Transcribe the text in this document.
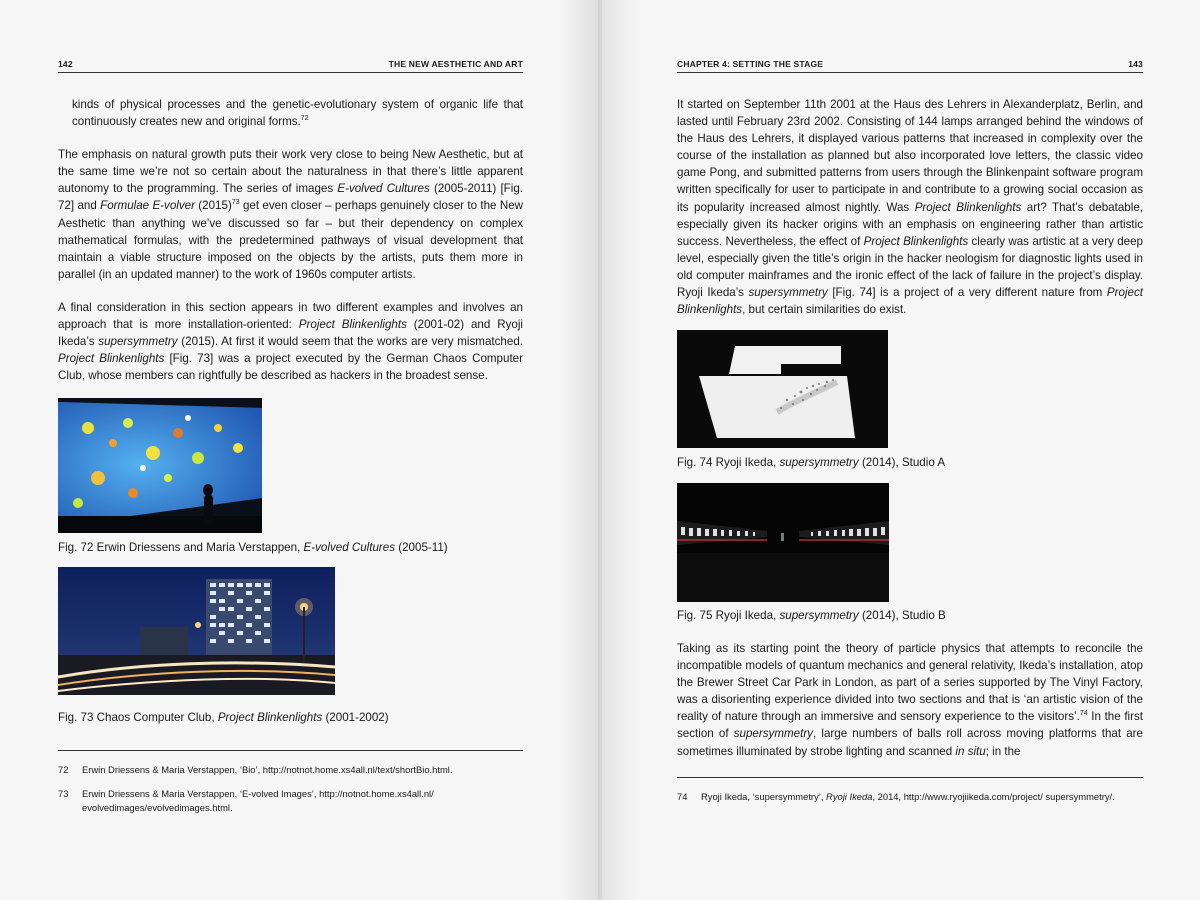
142	THE NEW AESTHETIC AND ART

kinds of physical processes and the genetic-evolutionary system of organic life that continuously creates new and original forms.$^{72}$

The emphasis on natural growth puts their work very close to being New Aesthetic, but at the same time we’re not so certain about the naturalness in that there’s little apparent autonomy to the programming. The series of images E-volved Cultures (2005-2011) [Fig. 72] and Formulae E-volver $(2015)^{73}$ get even closer – perhaps genuinely closer to the New Aesthetic than anything we’ve discussed so far – but their dependency on complex mathematical formulas, with the predetermined pathways of visual development that maintain a viable structure imposed on the objects by the artists, puts them more in parallel (in an updated manner) to the work of 1960s computer artists.

A final consideration in this section appears in two different examples and involves an approach that is more installation-oriented: Project Blinkenlights (2001-02) and Ryoji Ikeda’s supersymmetry (2015). At first it would seem that the works are very mismatched. Project Blinkenlights [Fig. 73] was a project executed by the German Chaos Computer Club, whose members can rightfully be described as hackers in the broadest sense.

Fig. 72 Erwin Driessens and Maria Verstappen, E-volved Cultures (2005-11)
Fig. 73 Chaos Computer Club, Project Blinkenlights (2001-2002)
72	Erwin Driessens & Maria Verstappen, ‘Bio’, http://notnot.home.xs4all.nl/text/shortBio.html.
73	Erwin Driessens & Maria Verstappen, ‘E-volved Images’, http://notnot.home.xs4all.nl/ evolvedimages/evolvedimages.html.
CHAPTER 4: SETTING THE STAGE	143

It started on September 11th 2001 at the Haus des Lehrers in Alexanderplatz, Berlin, and lasted until February 23rd 2002. Consisting of 144 lamps arranged behind the windows of the Haus des Lehrers, it displayed various patterns that increased in complexity over the course of the installation as planned but also incorporated love letters, the classic video game Pong, and submitted patterns from users through the Blinkenpaint software program written specifically for user to participate in and contribute to a growing social occasion as its popularity increased almost nightly. Was Project Blinkenlights art? That’s debatable, especially given its hacker origins with an emphasis on engineering rather than artistic success. Nevertheless, the effect of Project Blinkenlights clearly was artistic at a very deep level, especially given the title’s origin in the hacker neologism for diagnostic lights used in old computer mainframes and the ironic effect of the lack of failure in the project’s display. Ryoji Ikeda’s supersymmetry [Fig. 74] is a project of a very different nature from Project Blinkenlights, but certain similarities do exist.

Fig. 74 Ryoji Ikeda, supersymmetry (2014), Studio A
Fig. 75 Ryoji Ikeda, supersymmetry (2014), Studio B

Taking as its starting point the theory of particle physics that attempts to reconcile the incompatible models of quantum mechanics and general relativity, Ikeda’s installation, atop the Brewer Street Car Park in London, as part of a series supported by The Vinyl Factory, was a disorienting experience divided into two sections and that is ‘an artistic vision of the reality of nature through an immersive and sensory experience to the visitors’.$^{74}$ In the first section of supersymmetry, large numbers of balls roll across moving platforms that are sometimes illuminated by strobe lighting and scanned in situ; in the

74	Ryoji Ikeda, ‘supersymmetry’, Ryoji Ikeda, 2014, http://www.ryojiikeda.com/project/ supersymmetry/.
